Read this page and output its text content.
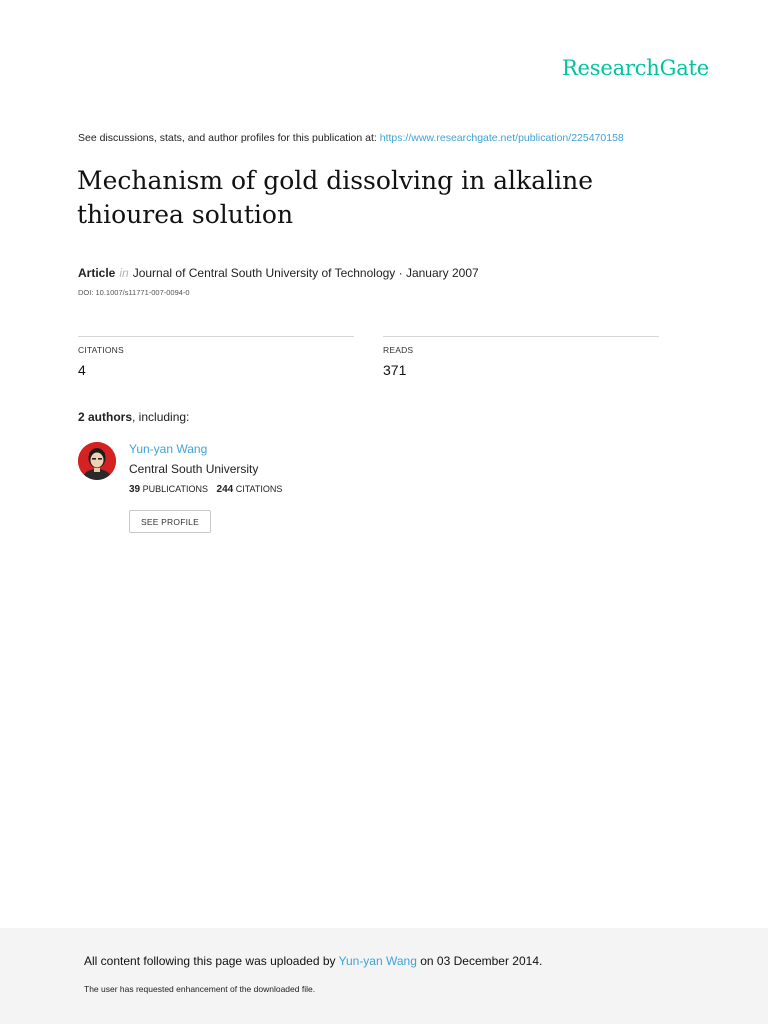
ResearchGate
See discussions, stats, and author profiles for this publication at: https://www.researchgate.net/publication/225470158
Mechanism of gold dissolving in alkaline thiourea solution
Article in Journal of Central South University of Technology · January 2007
DOI: 10.1007/s11771-007-0094-0
CITATIONS
4
READS
371
2 authors, including:
Yun-yan Wang
Central South University
39 PUBLICATIONS 244 CITATIONS
SEE PROFILE
All content following this page was uploaded by Yun-yan Wang on 03 December 2014.
The user has requested enhancement of the downloaded file.
